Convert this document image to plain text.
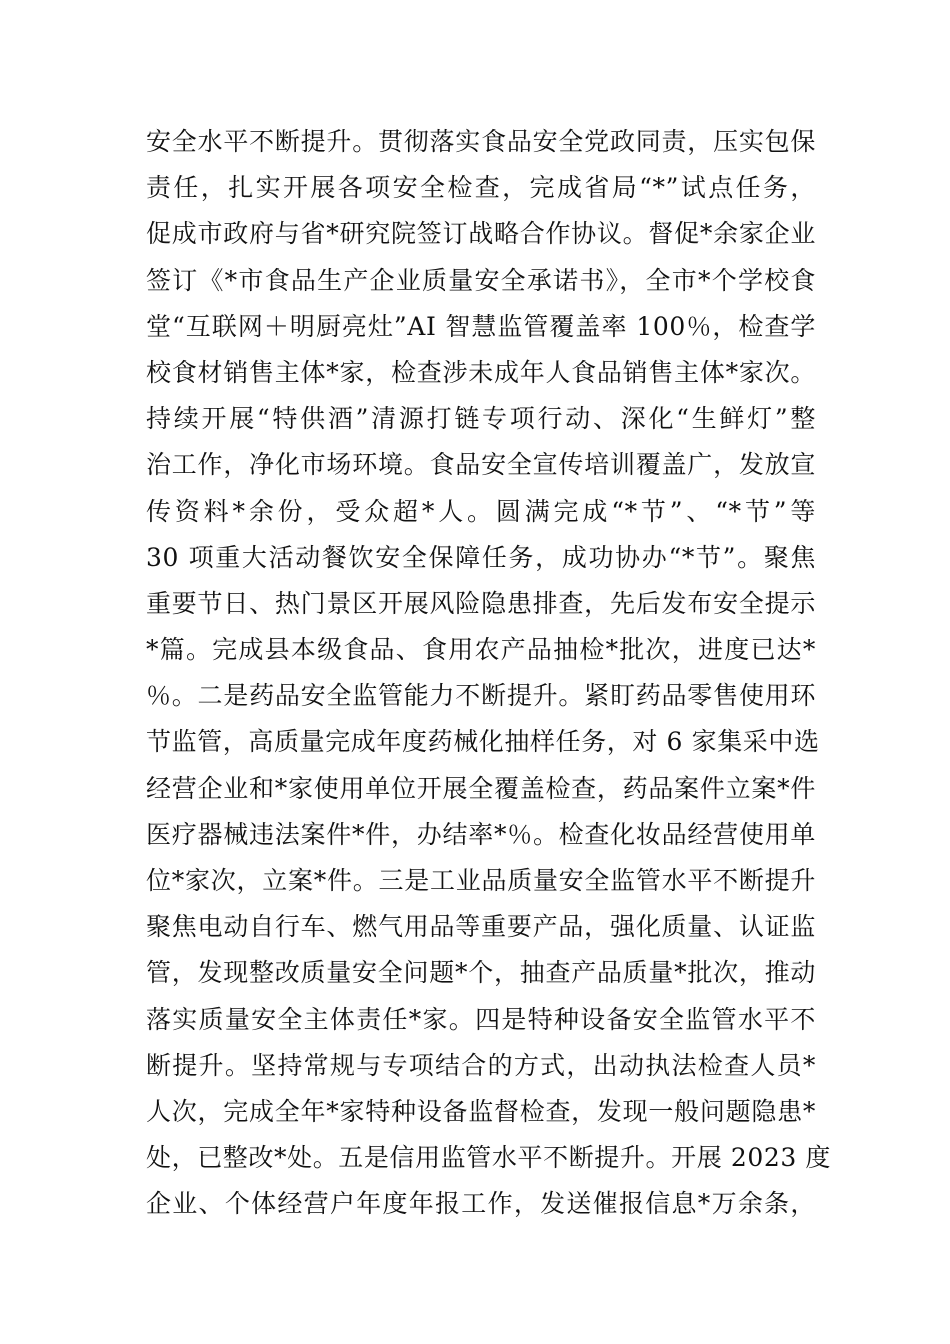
安全水平不断提升。贯彻落实食品安全党政同责，压实包保
责任，扎实开展各项安全检查，完成省局“*”试点任务，
促成市政府与省*研究院签订战略合作协议。督促*余家企业
签订《*市食品生产企业质量安全承诺书》，全市*个学校食
堂“互联网＋明厨亮灶”AI 智慧监管覆盖率 100％，检查学
校食材销售主体*家，检查涉未成年人食品销售主体*家次。
持续开展“特供酒”清源打链专项行动、深化“生鲜灯”整
治工作，净化市场环境。食品安全宣传培训覆盖广，发放宣
传资料*余份，受众超*人。圆满完成“*节”、“*节”等
30 项重大活动餐饮安全保障任务，成功协办“*节”。聚焦
重要节日、热门景区开展风险隐患排查，先后发布安全提示
*篇。完成县本级食品、食用农产品抽检*批次，进度已达*
％。二是药品安全监管能力不断提升。紧盯药品零售使用环
节监管，高质量完成年度药械化抽样任务，对 6 家集采中选
经营企业和*家使用单位开展全覆盖检查，药品案件立案*件
医疗器械违法案件*件，办结率*％。检查化妆品经营使用单
位*家次，立案*件。三是工业品质量安全监管水平不断提升
聚焦电动自行车、燃气用品等重要产品，强化质量、认证监
管，发现整改质量安全问题*个，抽查产品质量*批次，推动
落实质量安全主体责任*家。四是特种设备安全监管水平不
断提升。坚持常规与专项结合的方式，出动执法检查人员*
人次，完成全年*家特种设备监督检查，发现一般问题隐患*
处，已整改*处。五是信用监管水平不断提升。开展 2023 度
企业、个体经营户年度年报工作，发送催报信息*万余条，
